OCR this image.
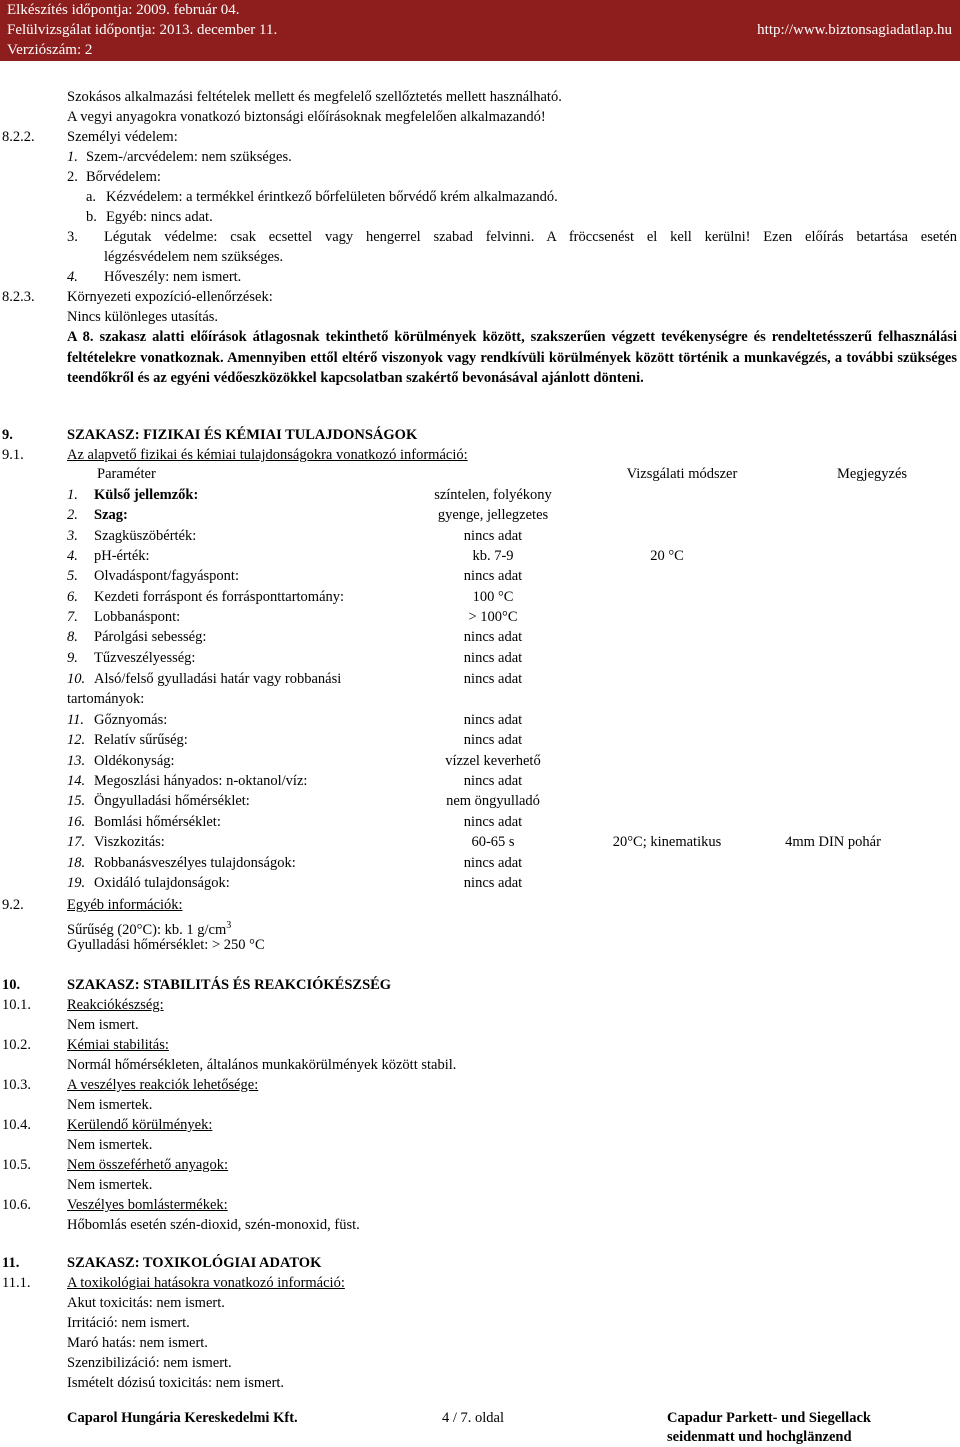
Elkészítés időpontja: 2009. február 04.
Felülvizsgálat időpontja: 2013. december 11.
Verziószám: 2
http://www.biztonsagiadatlap.hu
Szokásos alkalmazási feltételek mellett és megfelelő szellőztetés mellett használható.
A vegyi anyagokra vonatkozó biztonsági előírásoknak megfelelően alkalmazandó!
8.2.2. Személyi védelem:
1. Szem-/arcvédelem: nem szükséges.
2. Bőrvédelem:
a. Kézvédelem: a termékkel érintkező bőrfelületen bőrvédő krém alkalmazandó.
b. Egyéb: nincs adat.
3. Légutak védelme: csak ecsettel vagy hengerrel szabad felvinni. A fröccsenést el kell kerülni! Ezen előírás betartása esetén
légzésvédelem nem szükséges.
4. Hőveszély: nem ismert.
8.2.3. Környezeti expozíció-ellenőrzések:
Nincs különleges utasítás.
A 8. szakasz alatti előírások átlagosnak tekinthető körülmények között, szakszerűen végzett tevékenységre és rendeltetésszerű felhasználási feltételekre vonatkoznak. Amennyiben ettől eltérő viszonyok vagy rendkívüli körülmények között történik a munkavégzés, a további szükséges teendőkről és az egyéni védőeszközökkel kapcsolatban szakértő bevonásával ajánlott dönteni.
9.	SZAKASZ: FIZIKAI ÉS KÉMIAI TULAJDONSÁGOK
9.1.	Az alapvető fizikai és kémiai tulajdonságokra vonatkozó információ:
Paraméter	Vizsgálati módszer	Megjegyzés
1. Külső jellemzők:	színtelen, folyékony
2. Szag:	gyenge, jellegzetes
3. Szagküszöbérték:	nincs adat
4. pH-érték:	kb. 7-9	20 °C
5. Olvadáspont/fagyáspont:	nincs adat
6. Kezdeti forráspont és forrásponttartomány:	100 °C
7. Lobbanáspont:	> 100°C
8. Párolgási sebesség:	nincs adat
9. Tűzveszélyesség:	nincs adat
10. Alsó/felső gyulladási határ vagy robbanási	nincs adat
tartományok:
11. Gőznyomás:	nincs adat
12. Relatív sűrűség:	nincs adat
13. Oldékonyság:	vízzel keverhető
14. Megoszlási hányados: n-oktanol/víz:	nincs adat
15. Öngyulladási hőmérséklet:	nem öngyulladó
16. Bomlási hőmérséklet:	nincs adat
17. Viszkozitás:	60-65 s	20°C; kinematikus	4mm DIN pohár
18. Robbanásveszélyes tulajdonságok:	nincs adat
19. Oxidáló tulajdonságok:	nincs adat
9.2.	Egyéb információk:
Sűrűség (20°C): kb. 1 $g/cm^3$
Gyulladási hőmérséklet: > 250 °C
10.	SZAKASZ: STABILITÁS ÉS REAKCIÓKÉSZSÉG
10.1. Reakciókészség:
Nem ismert.
10.2. Kémiai stabilitás:
Normál hőmérsékleten, általános munkakörülmények között stabil.
10.3. A veszélyes reakciók lehetősége:
Nem ismertek.
10.4. Kerülendő körülmények:
Nem ismertek.
10.5. Nem összeférhető anyagok:
Nem ismertek.
10.6. Veszélyes bomlástermékek:
Hőbomlás esetén szén-dioxid, szén-monoxid, füst.
11.	SZAKASZ: TOXIKOLÓGIAI ADATOK
11.1.	A toxikológiai hatásokra vonatkozó információ:
Akut toxicitás: nem ismert.
Irritáció: nem ismert.
Maró hatás: nem ismert.
Szenzibilizáció: nem ismert.
Ismételt dózisú toxicitás: nem ismert.
Caparol Hungária Kereskedelmi Kft.	4 / 7. oldal	Capadur Parkett- und Siegellack
seidenmatt und hochglänzend
